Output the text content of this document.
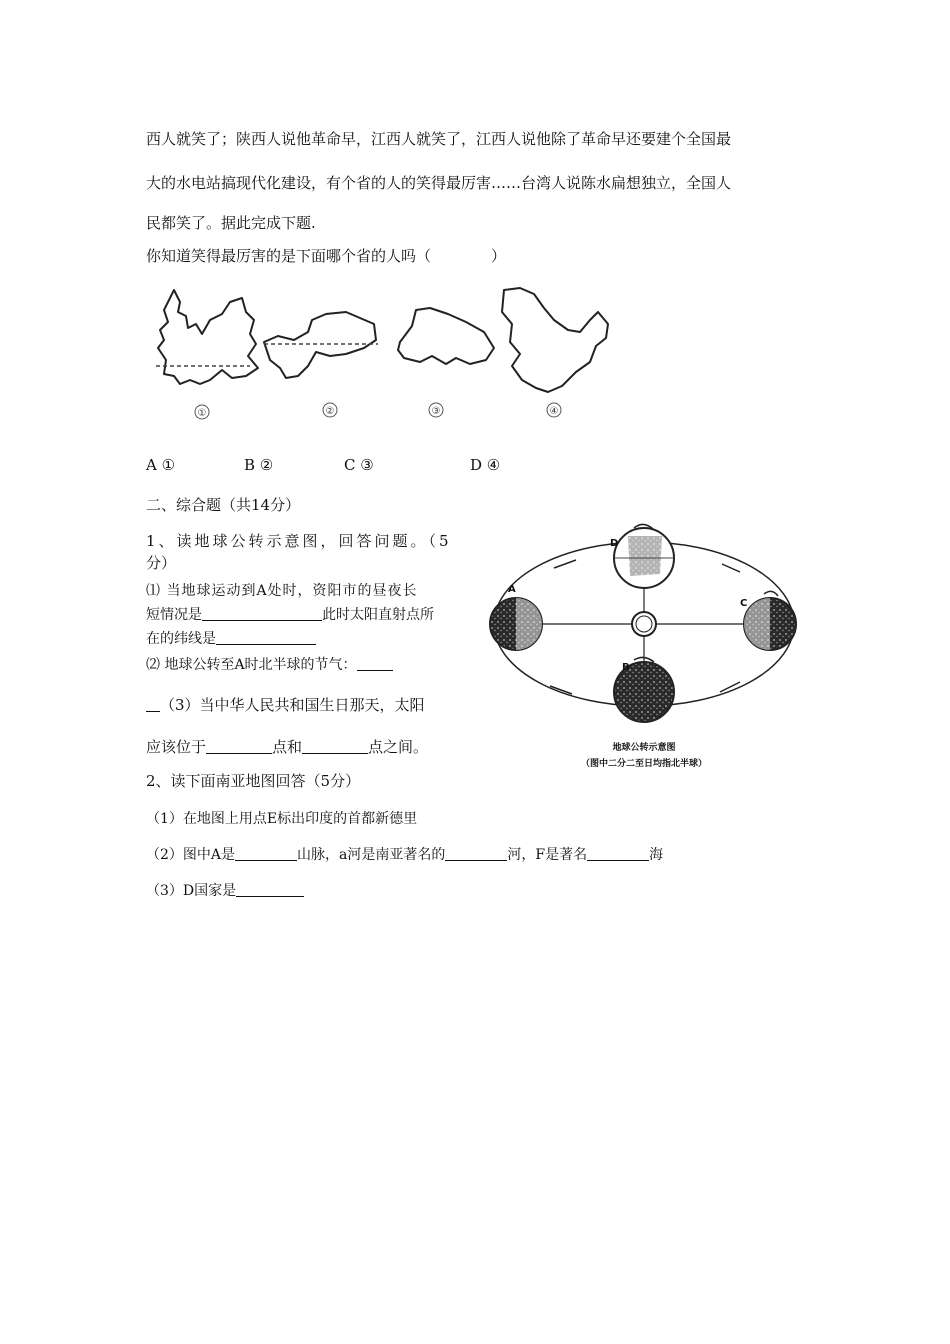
西人就笑了；陕西人说他革命早，江西人就笑了，江西人说他除了革命早还要建个全国最
大的水电站搞现代化建设，有个省的人的笑得最厉害……台湾人说陈水扁想独立，全国人
民都笑了。据此完成下题.
你知道笑得最厉害的是下面哪个省的人吗（　　　　）
①	②	③	④
A ①	B ②	C ③	D ④
二、综合题（共14分）
1、读地球公转示意图，回答问题。（5
分）
⑴ 当地球运动到A处时，资阳市的昼夜长
短情况是	此时太阳直射点所
在的纬线是
⑵ 地球公转至A时北半球的节气：
（3）当中华人民共和国生日那天，太阳
应该位于	点和	点之间。
D
A
C
B
地球公转示意图
（图中二分二至日均指北半球）
2、读下面南亚地图回答（5分）
（1）在地图上用点E标出印度的首都新德里
（2）图中A是	山脉，a河是南亚著名的	河，F是著名	海
（3）D国家是
